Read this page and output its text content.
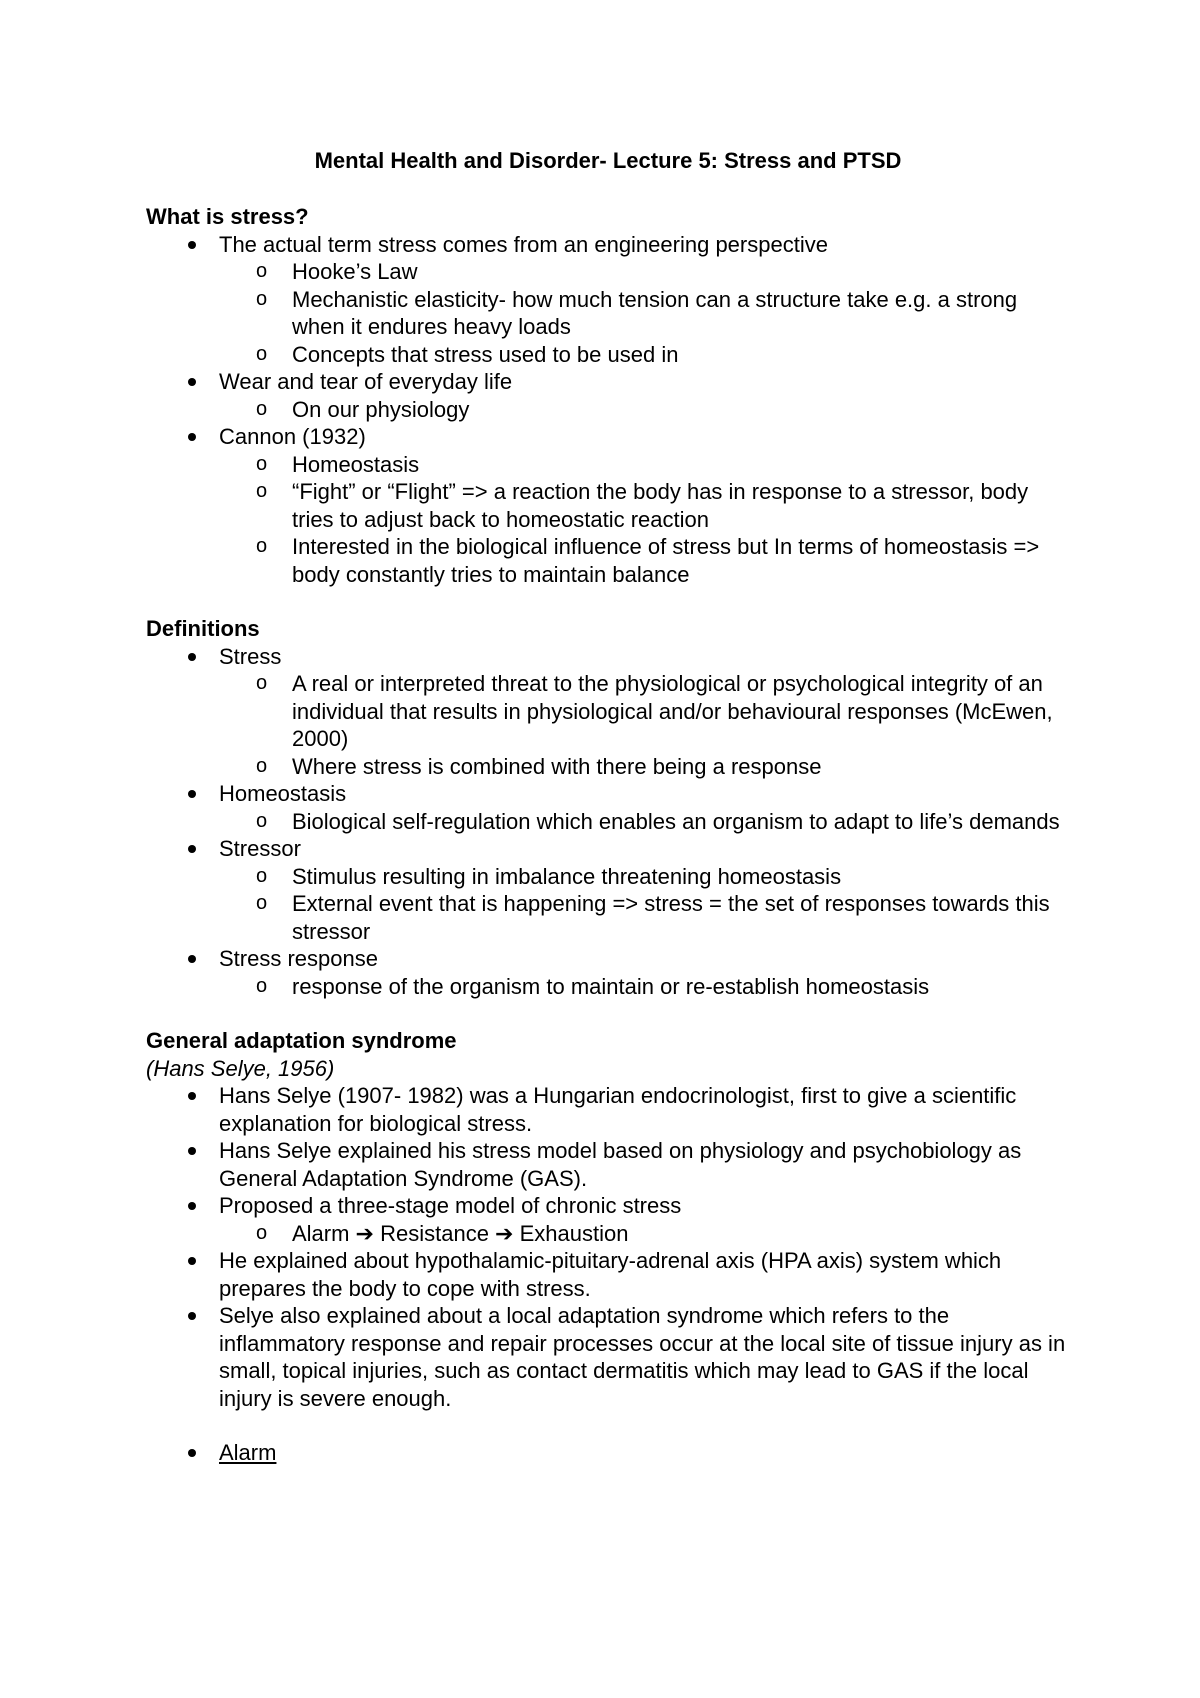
Mental Health and Disorder- Lecture 5: Stress and PTSD

What is stress?

The actual term stress comes from an engineering perspective
o Hooke’s Law
o Mechanistic elasticity- how much tension can a structure take e.g. a strong when it endures heavy loads
o Concepts that stress used to be used in
Wear and tear of everyday life
o On our physiology
Cannon (1932)
o Homeostasis
o “Fight” or “Flight” => a reaction the body has in response to a stressor, body tries to adjust back to homeostatic reaction
o Interested in the biological influence of stress but In terms of homeostasis => body constantly tries to maintain balance

Definitions

Stress
o A real or interpreted threat to the physiological or psychological integrity of an individual that results in physiological and/or behavioural responses (McEwen, 2000)
o Where stress is combined with there being a response
Homeostasis
o Biological self-regulation which enables an organism to adapt to life’s demands
Stressor
o Stimulus resulting in imbalance threatening homeostasis
o External event that is happening => stress = the set of responses towards this stressor
Stress response
o response of the organism to maintain or re-establish homeostasis

General adaptation syndrome

(Hans Selye, 1956)

Hans Selye (1907- 1982) was a Hungarian endocrinologist, first to give a scientific explanation for biological stress.
Hans Selye explained his stress model based on physiology and psychobiology as General Adaptation Syndrome (GAS).
Proposed a three-stage model of chronic stress
o Alarm ➔ Resistance ➔ Exhaustion
He explained about hypothalamic-pituitary-adrenal axis (HPA axis) system which prepares the body to cope with stress.
Selye also explained about a local adaptation syndrome which refers to the inflammatory response and repair processes occur at the local site of tissue injury as in small, topical injuries, such as contact dermatitis which may lead to GAS if the local injury is severe enough.
Alarm
